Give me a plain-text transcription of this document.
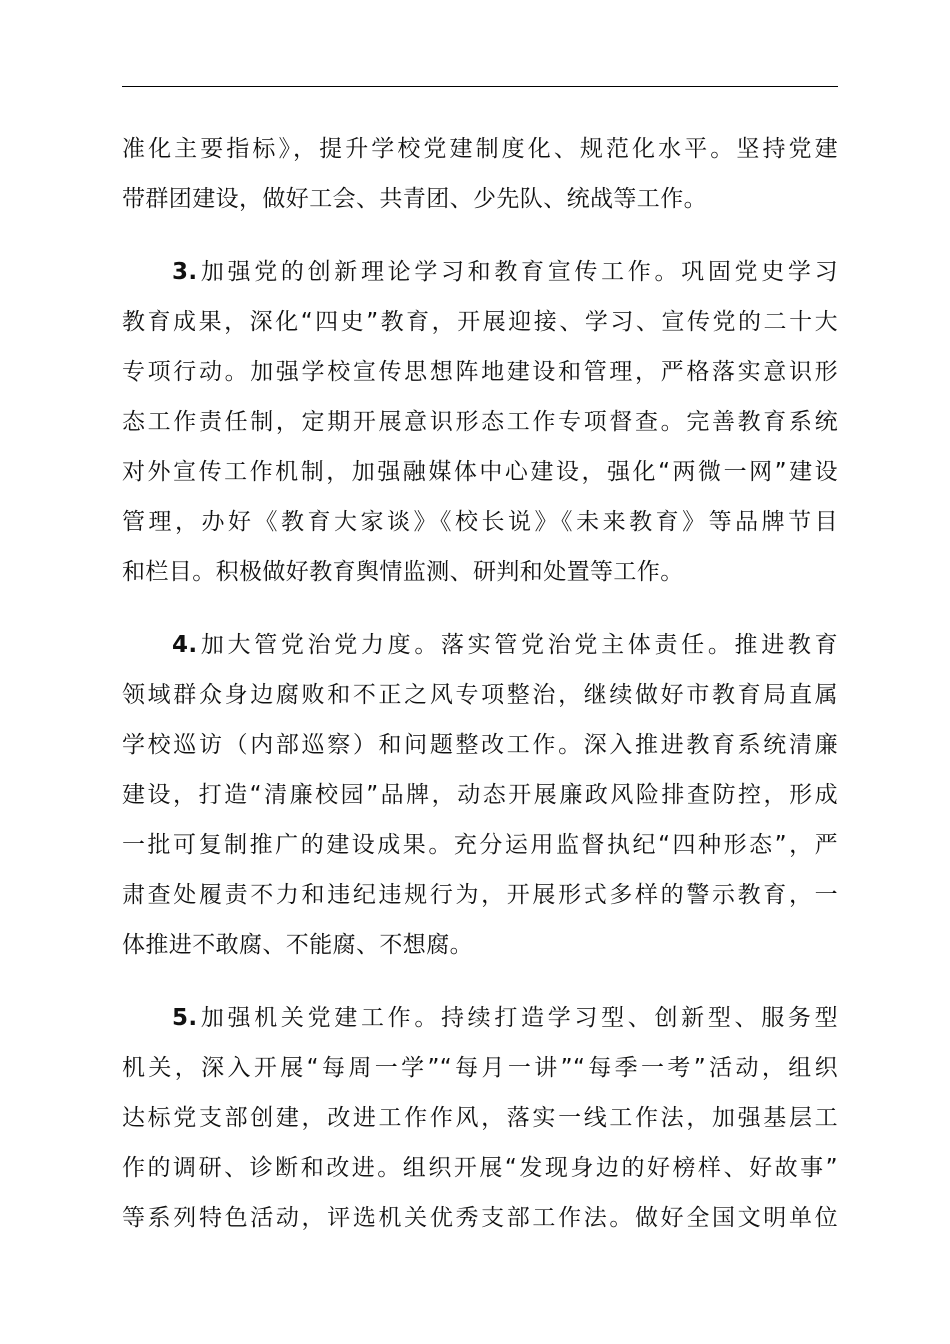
准化主要指标》，提升学校党建制度化、规范化水平。坚持党建
带群团建设，做好工会、共青团、少先队、统战等工作。
3.加强党的创新理论学习和教育宣传工作。巩固党史学习
教育成果，深化“四史”教育，开展迎接、学习、宣传党的二十大
专项行动。加强学校宣传思想阵地建设和管理，严格落实意识形
态工作责任制，定期开展意识形态工作专项督查。完善教育系统
对外宣传工作机制，加强融媒体中心建设，强化“两微一网”建设
管理，办好《教育大家谈》《校长说》《未来教育》等品牌节目
和栏目。积极做好教育舆情监测、研判和处置等工作。
4.加大管党治党力度。落实管党治党主体责任。推进教育
领域群众身边腐败和不正之风专项整治，继续做好市教育局直属
学校巡访（内部巡察）和问题整改工作。深入推进教育系统清廉
建设，打造“清廉校园”品牌，动态开展廉政风险排查防控，形成
一批可复制推广的建设成果。充分运用监督执纪“四种形态”，严
肃查处履责不力和违纪违规行为，开展形式多样的警示教育，一
体推进不敢腐、不能腐、不想腐。
5.加强机关党建工作。持续打造学习型、创新型、服务型
机关，深入开展“每周一学”“每月一讲”“每季一考”活动，组织
达标党支部创建，改进工作作风，落实一线工作法，加强基层工
作的调研、诊断和改进。组织开展“发现身边的好榜样、好故事”
等系列特色活动，评选机关优秀支部工作法。做好全国文明单位
